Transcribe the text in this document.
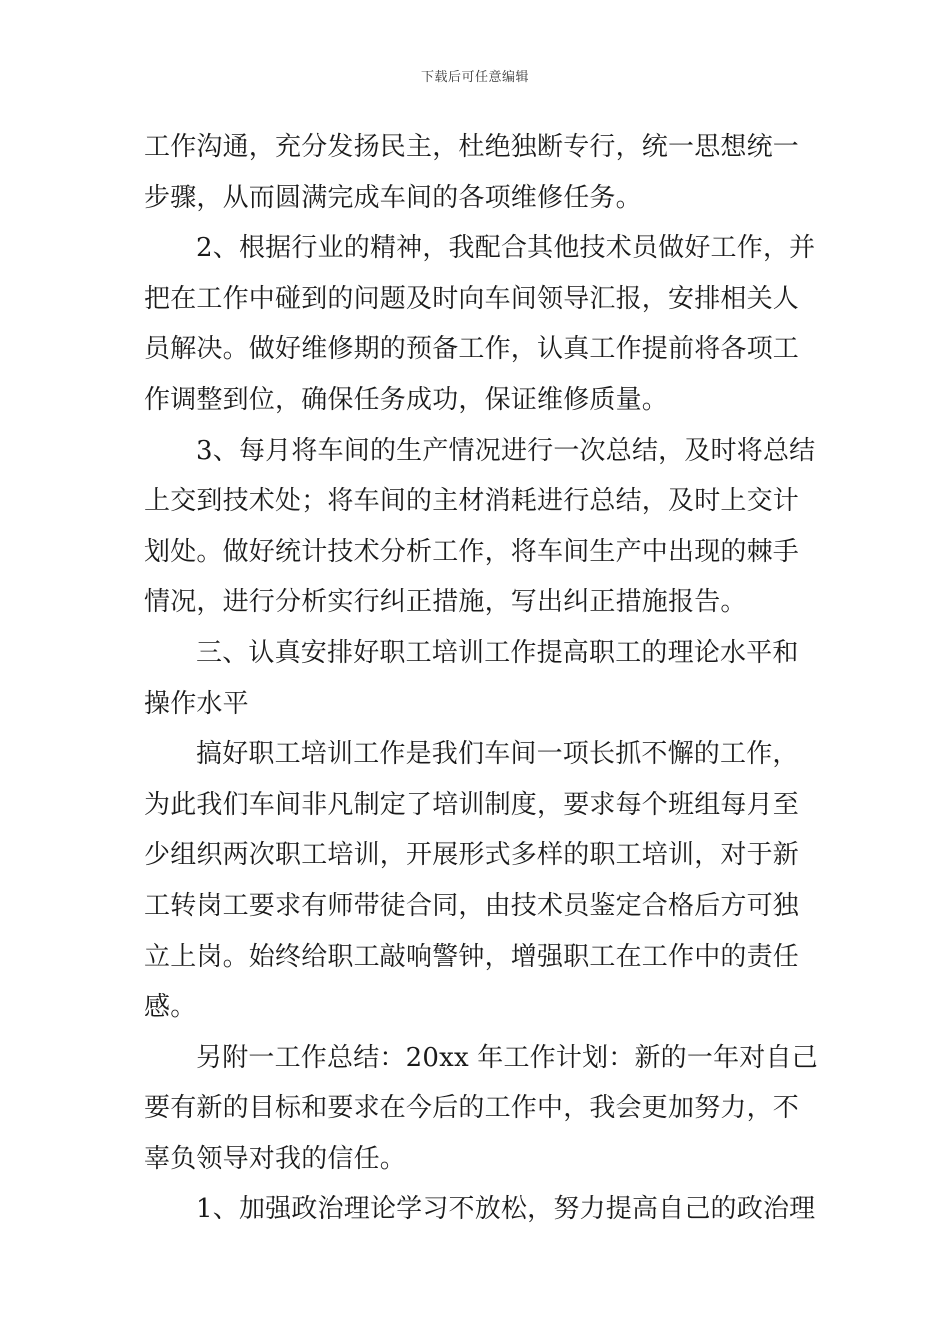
下载后可任意编辑
工作沟通，充分发扬民主，杜绝独断专行，统一思想统一
步骤，从而圆满完成车间的各项维修任务。
2、根据行业的精神，我配合其他技术员做好工作，并
把在工作中碰到的问题及时向车间领导汇报，安排相关人
员解决。做好维修期的预备工作，认真工作提前将各项工
作调整到位，确保任务成功，保证维修质量。
3、每月将车间的生产情况进行一次总结，及时将总结
上交到技术处；将车间的主材消耗进行总结，及时上交计
划处。做好统计技术分析工作，将车间生产中出现的棘手
情况，进行分析实行纠正措施，写出纠正措施报告。
三、认真安排好职工培训工作提高职工的理论水平和
操作水平
搞好职工培训工作是我们车间一项长抓不懈的工作，
为此我们车间非凡制定了培训制度，要求每个班组每月至
少组织两次职工培训，开展形式多样的职工培训，对于新
工转岗工要求有师带徒合同，由技术员鉴定合格后方可独
立上岗。始终给职工敲响警钟，增强职工在工作中的责任
感。
另附一工作总结：20xx 年工作计划：新的一年对自己
要有新的目标和要求在今后的工作中，我会更加努力，不
辜负领导对我的信任。
1、加强政治理论学习不放松，努力提高自己的政治理
